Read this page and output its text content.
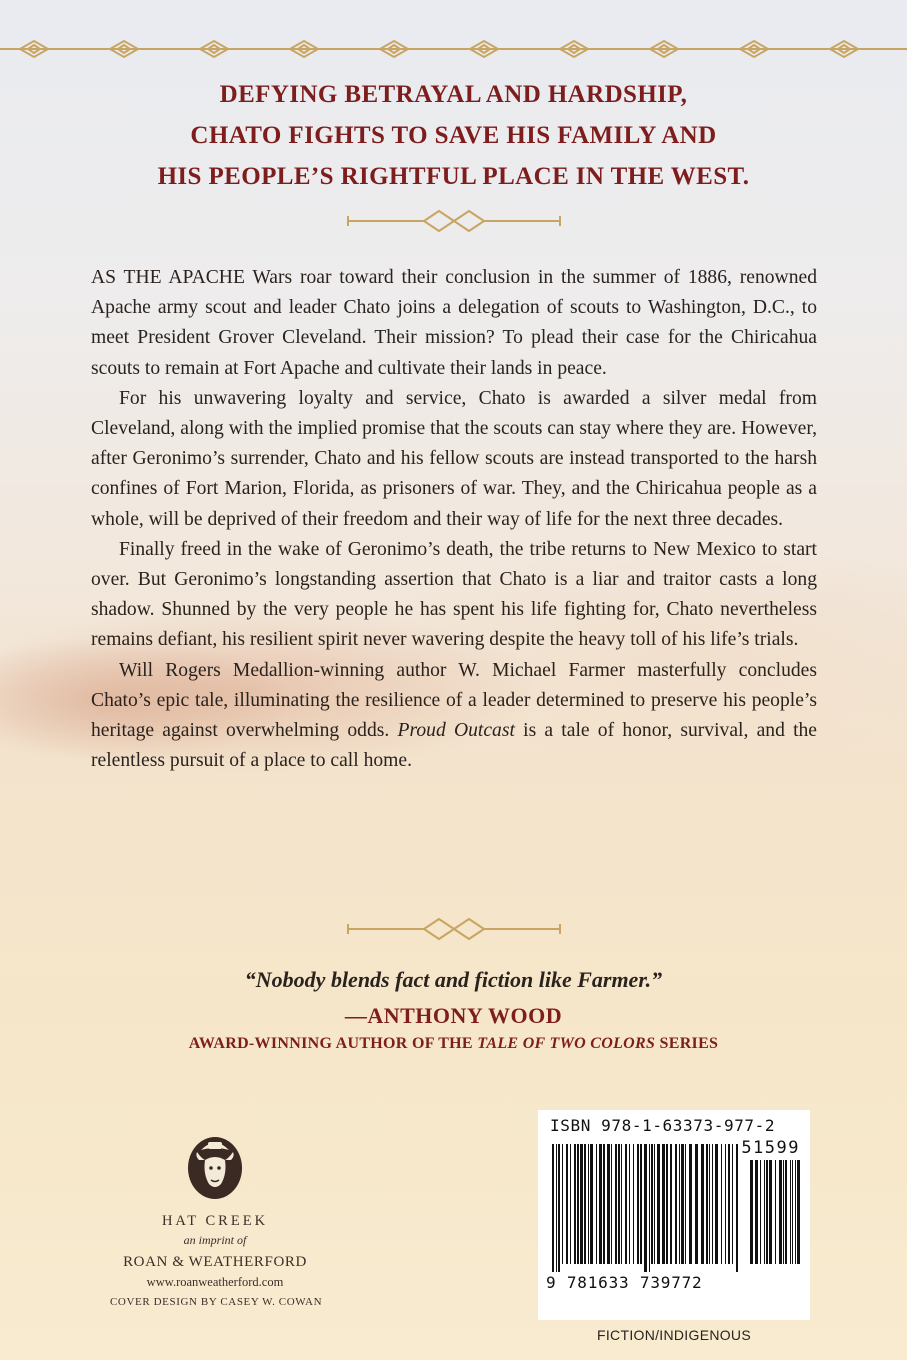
DEFYING BETRAYAL AND HARDSHIP,
CHATO FIGHTS TO SAVE HIS FAMILY AND
HIS PEOPLE’S RIGHTFUL PLACE IN THE WEST.

AS THE APACHE Wars roar toward their conclusion in the summer of 1886, renowned Apache army scout and leader Chato joins a delegation of scouts to Washington, D.C., to meet President Grover Cleveland. Their mission? To plead their case for the Chiricahua scouts to remain at Fort Apache and cultivate their lands in peace.

For his unwavering loyalty and service, Chato is awarded a silver medal from Cleveland, along with the implied promise that the scouts can stay where they are. However, after Geronimo’s surrender, Chato and his fellow scouts are instead transported to the harsh confines of Fort Marion, Florida, as prisoners of war. They, and the Chiricahua people as a whole, will be deprived of their freedom and their way of life for the next three decades.

Finally freed in the wake of Geronimo’s death, the tribe returns to New Mexico to start over. But Geronimo’s longstanding assertion that Chato is a liar and traitor casts a long shadow. Shunned by the very people he has spent his life fighting for, Chato nevertheless remains defiant, his resilient spirit never wavering despite the heavy toll of his life’s trials.

Will Rogers Medallion-winning author W. Michael Farmer masterfully concludes Chato’s epic tale, illuminating the resilience of a leader determined to preserve his people’s heritage against overwhelming odds. Proud Outcast is a tale of honor, survival, and the relentless pursuit of a place to call home.

“Nobody blends fact and fiction like Farmer.”
—ANTHONY WOOD
AWARD-WINNING AUTHOR OF THE TALE OF TWO COLORS SERIES
HAT CREEK
an imprint of
ROAN & WEATHERFORD
www.roanweatherford.com
COVER DESIGN BY CASEY W. COWAN
ISBN 978-1-63373-977-2
51599
9 781633 739772
FICTION/INDIGENOUS
